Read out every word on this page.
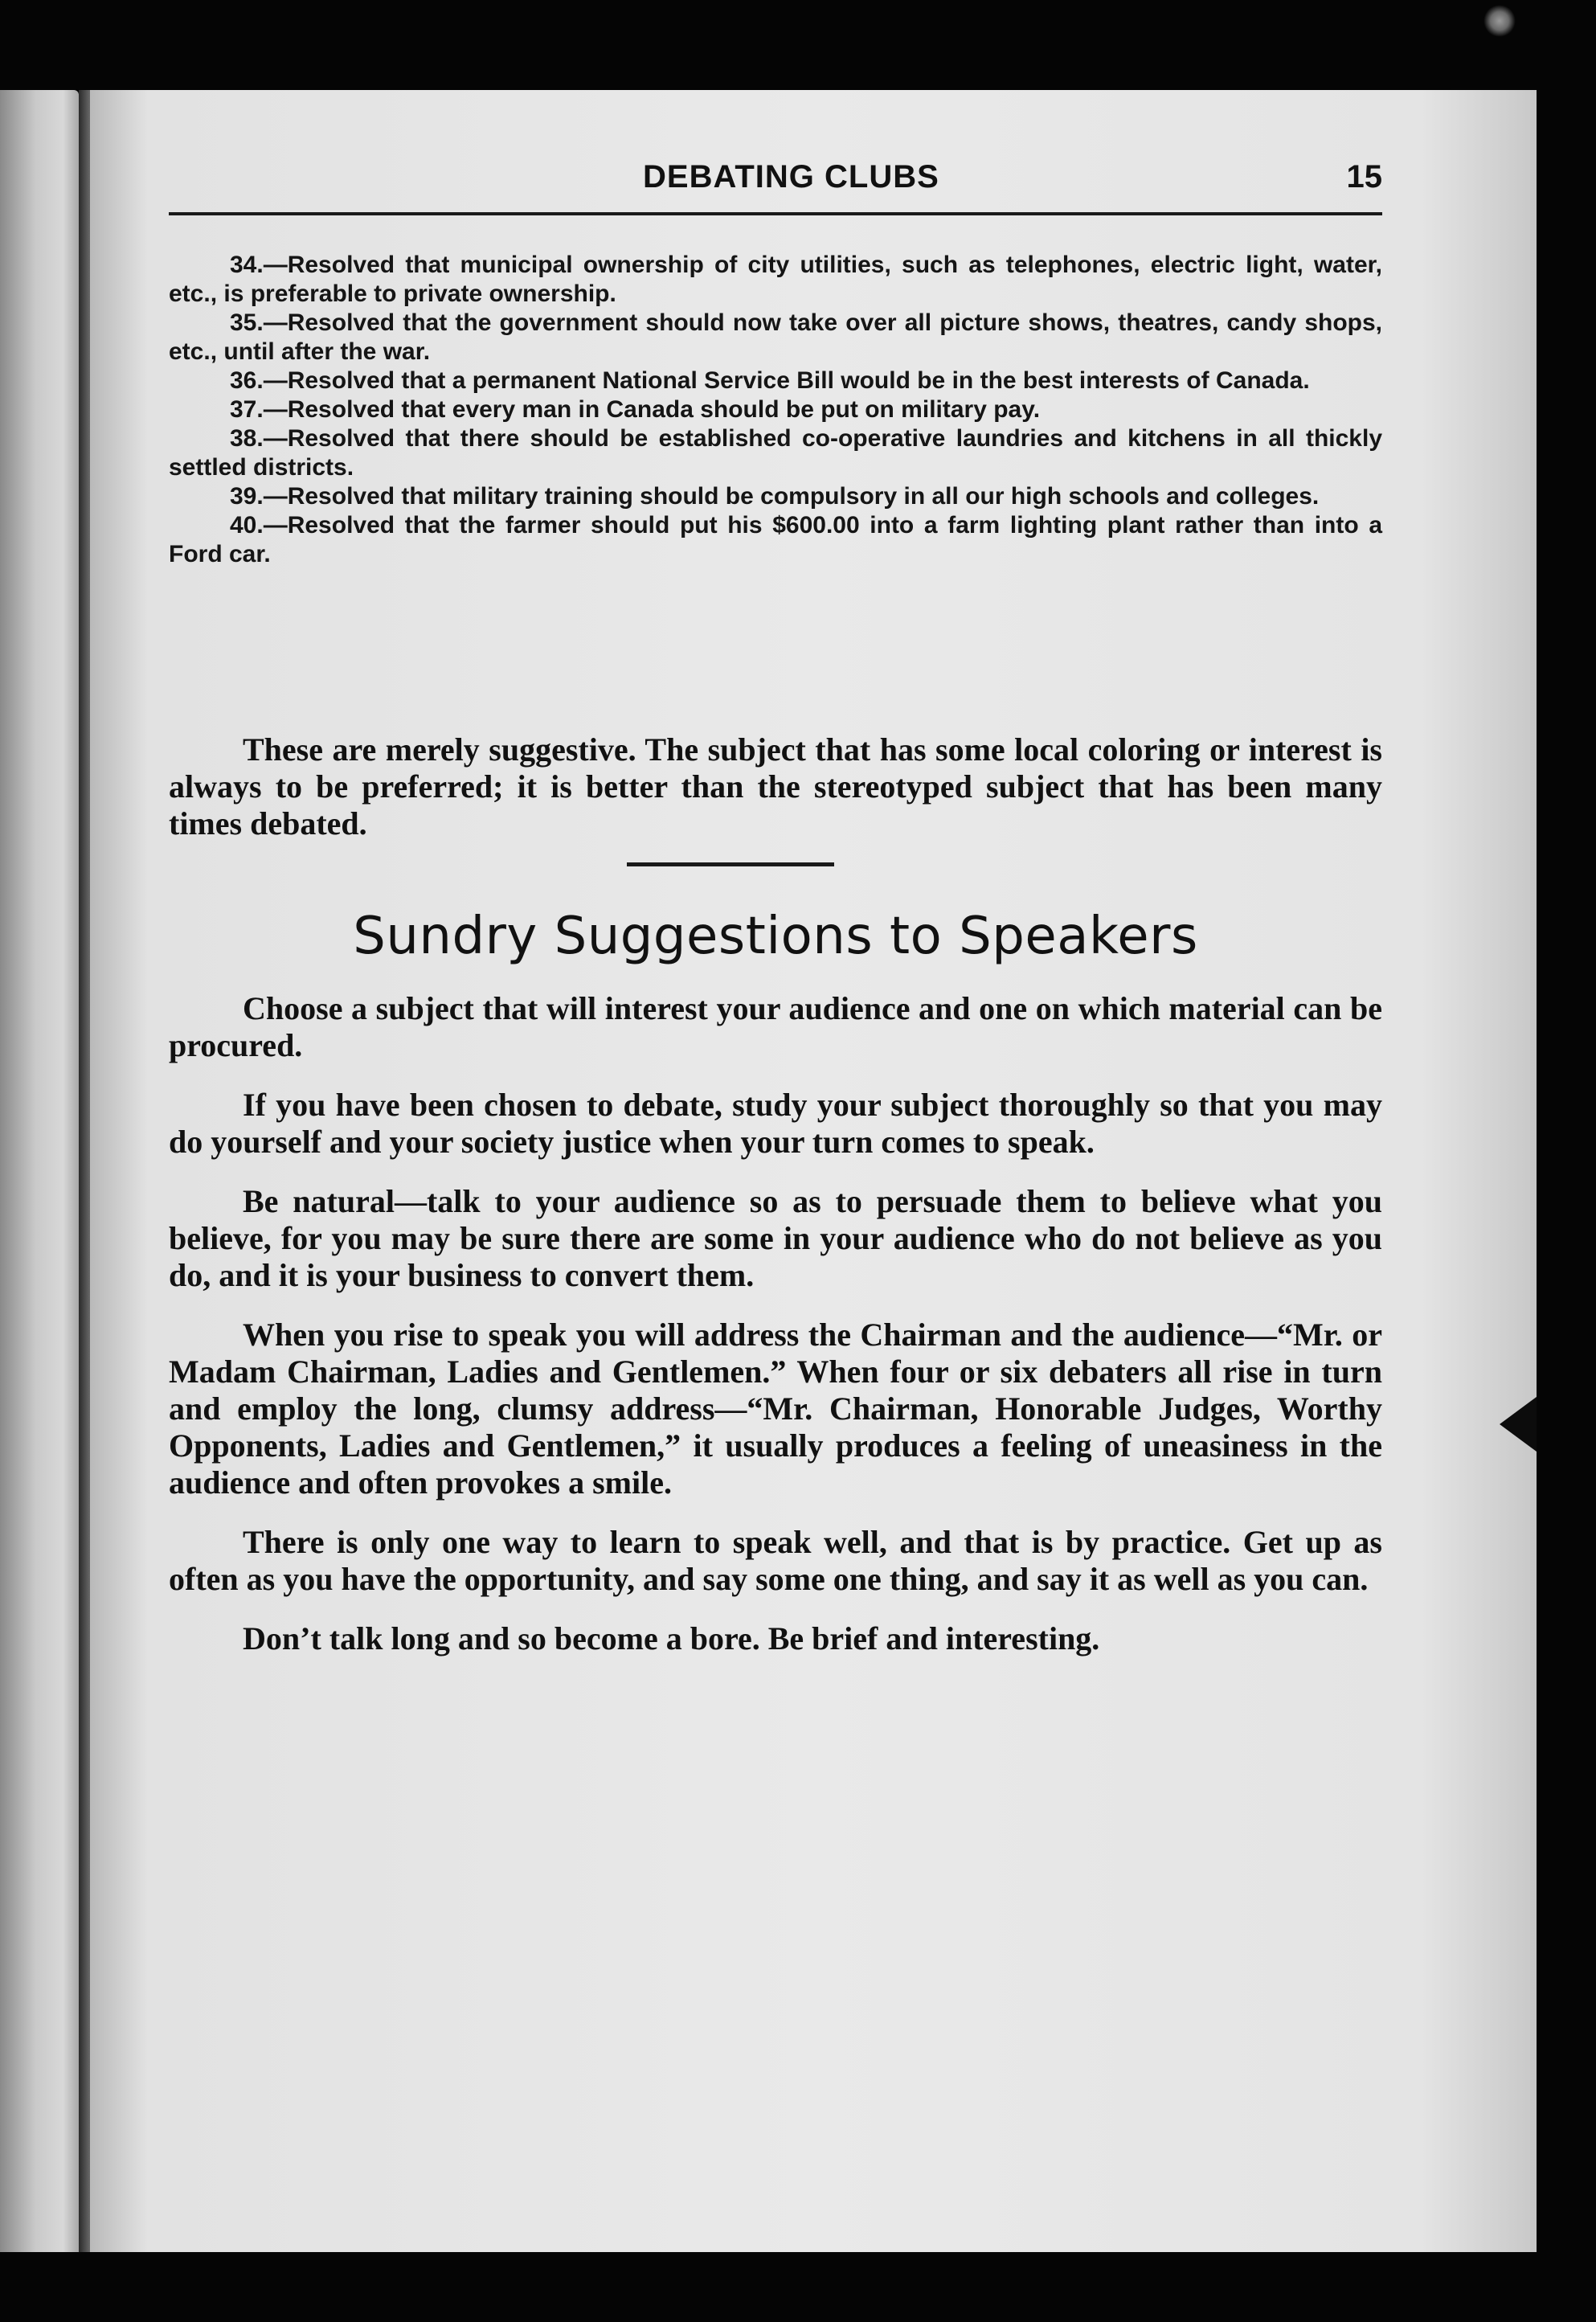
DEBATING CLUBS	15

34.—Resolved that municipal ownership of city utilities, such as telephones, electric light, water, etc., is preferable to private ownership.

35.—Resolved that the government should now take over all picture shows, theatres, candy shops, etc., until after the war.

36.—Resolved that a permanent National Service Bill would be in the best interests of Canada.

37.—Resolved that every man in Canada should be put on military pay.

38.—Resolved that there should be established co-operative laundries and kitchens in all thickly settled districts.

39.—Resolved that military training should be compulsory in all our high schools and colleges.

40.—Resolved that the farmer should put his $600.00 into a farm lighting plant rather than into a Ford car.

These are merely suggestive. The subject that has some local coloring or interest is always to be preferred; it is better than the stereotyped subject that has been many times debated.

Sundry Suggestions to Speakers

Choose a subject that will interest your audience and one on which material can be procured.

If you have been chosen to debate, study your subject thoroughly so that you may do yourself and your society justice when your turn comes to speak.

Be natural—talk to your audience so as to persuade them to believe what you believe, for you may be sure there are some in your audience who do not believe as you do, and it is your business to convert them.

When you rise to speak you will address the Chairman and the audience—“Mr. or Madam Chairman, Ladies and Gentlemen.” When four or six debaters all rise in turn and employ the long, clumsy address—“Mr. Chairman, Honorable Judges, Worthy Opponents, Ladies and Gentlemen,” it usually produces a feeling of uneasiness in the audience and often provokes a smile.

There is only one way to learn to speak well, and that is by practice. Get up as often as you have the opportunity, and say some one thing, and say it as well as you can.

Don’t talk long and so become a bore. Be brief and interesting.
